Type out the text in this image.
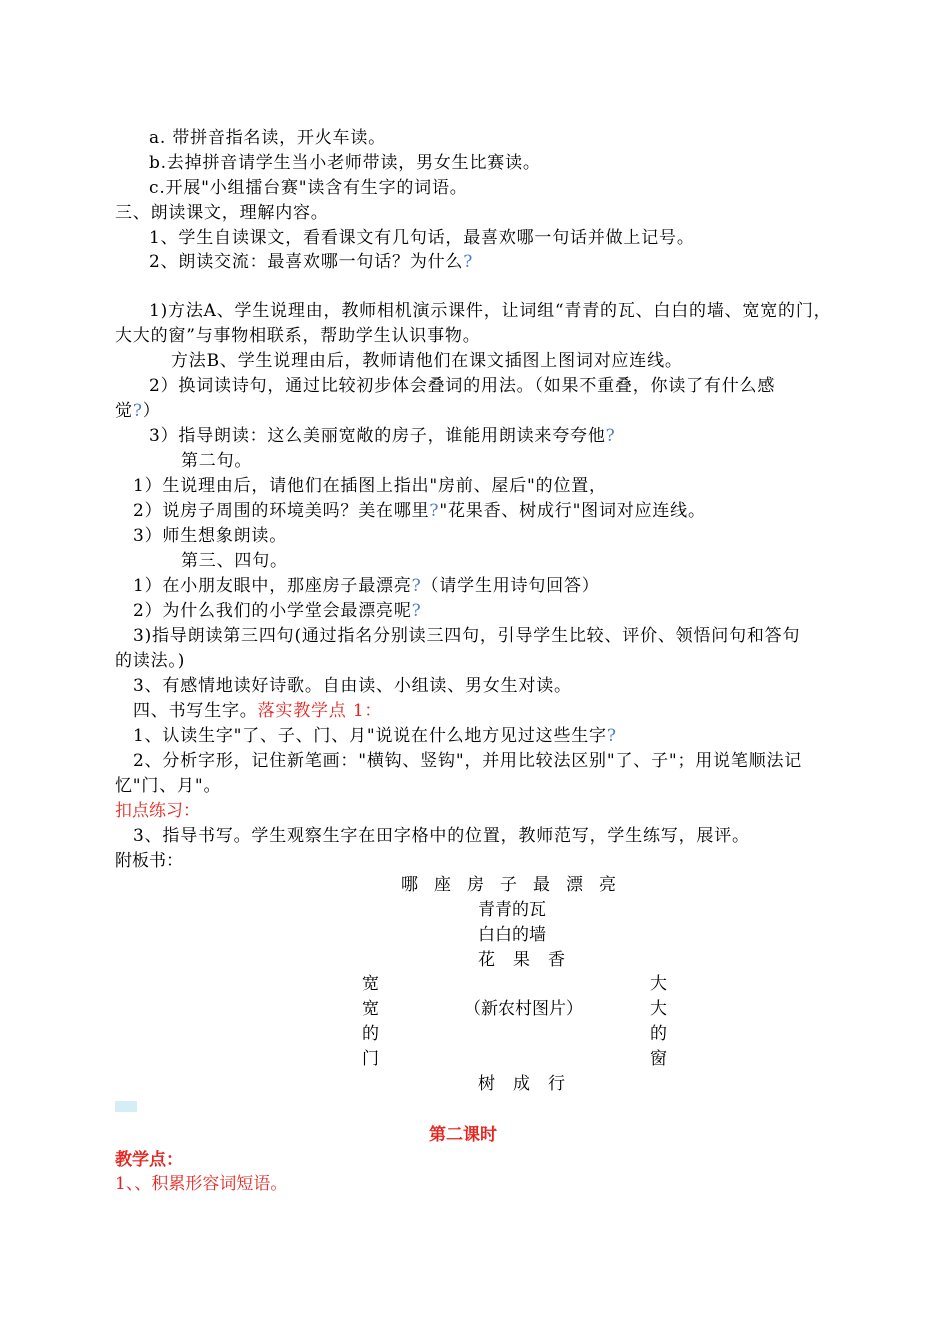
a. 带拼音指名读，开火车读。
b.去掉拼音请学生当小老师带读，男女生比赛读。
c.开展"小组擂台赛"读含有生字的词语。
三、朗读课文，理解内容。
1、学生自读课文，看看课文有几句话，最喜欢哪一句话并做上记号。
2、朗读交流：最喜欢哪一句话？为什么?
1)方法A、学生说理由，教师相机演示课件，让词组“青青的瓦、白白的墙、宽宽的门，
大大的窗”与事物相联系，帮助学生认识事物。
方法B、学生说理由后，教师请他们在课文插图上图词对应连线。
2）换词读诗句，通过比较初步体会叠词的用法。（如果不重叠，你读了有什么感
觉?）
3）指导朗读：这么美丽宽敞的房子，谁能用朗读来夸夸他?
第二句。
1）生说理由后，请他们在插图上指出"房前、屋后"的位置，
2）说房子周围的环境美吗？美在哪里?"花果香、树成行"图词对应连线。
3）师生想象朗读。
第三、四句。
1）在小朋友眼中，那座房子最漂亮?（请学生用诗句回答）
2）为什么我们的小学堂会最漂亮呢?
3)指导朗读第三四句(通过指名分别读三四句，引导学生比较、评价、领悟问句和答句
的读法。)
3、有感情地读好诗歌。自由读、小组读、男女生对读。
四、书写生字。落实教学点 1：
1、认读生字"了、子、门、月"说说在什么地方见过这些生字?
2、分析字形，记住新笔画："横钩、竖钩"，并用比较法区别"了、子"；用说笔顺法记
忆"门、月"。
扣点练习：
3、指导书写。学生观察生字在田字格中的位置，教师范写，学生练写，展评。
附板书：
哪座房子最漂亮
青青的瓦
白白的墙
花果香
宽
宽
的
门
（新农村图片）
大
大
的
窗
树成行
第二课时
教学点：
1、、积累形容词短语。
